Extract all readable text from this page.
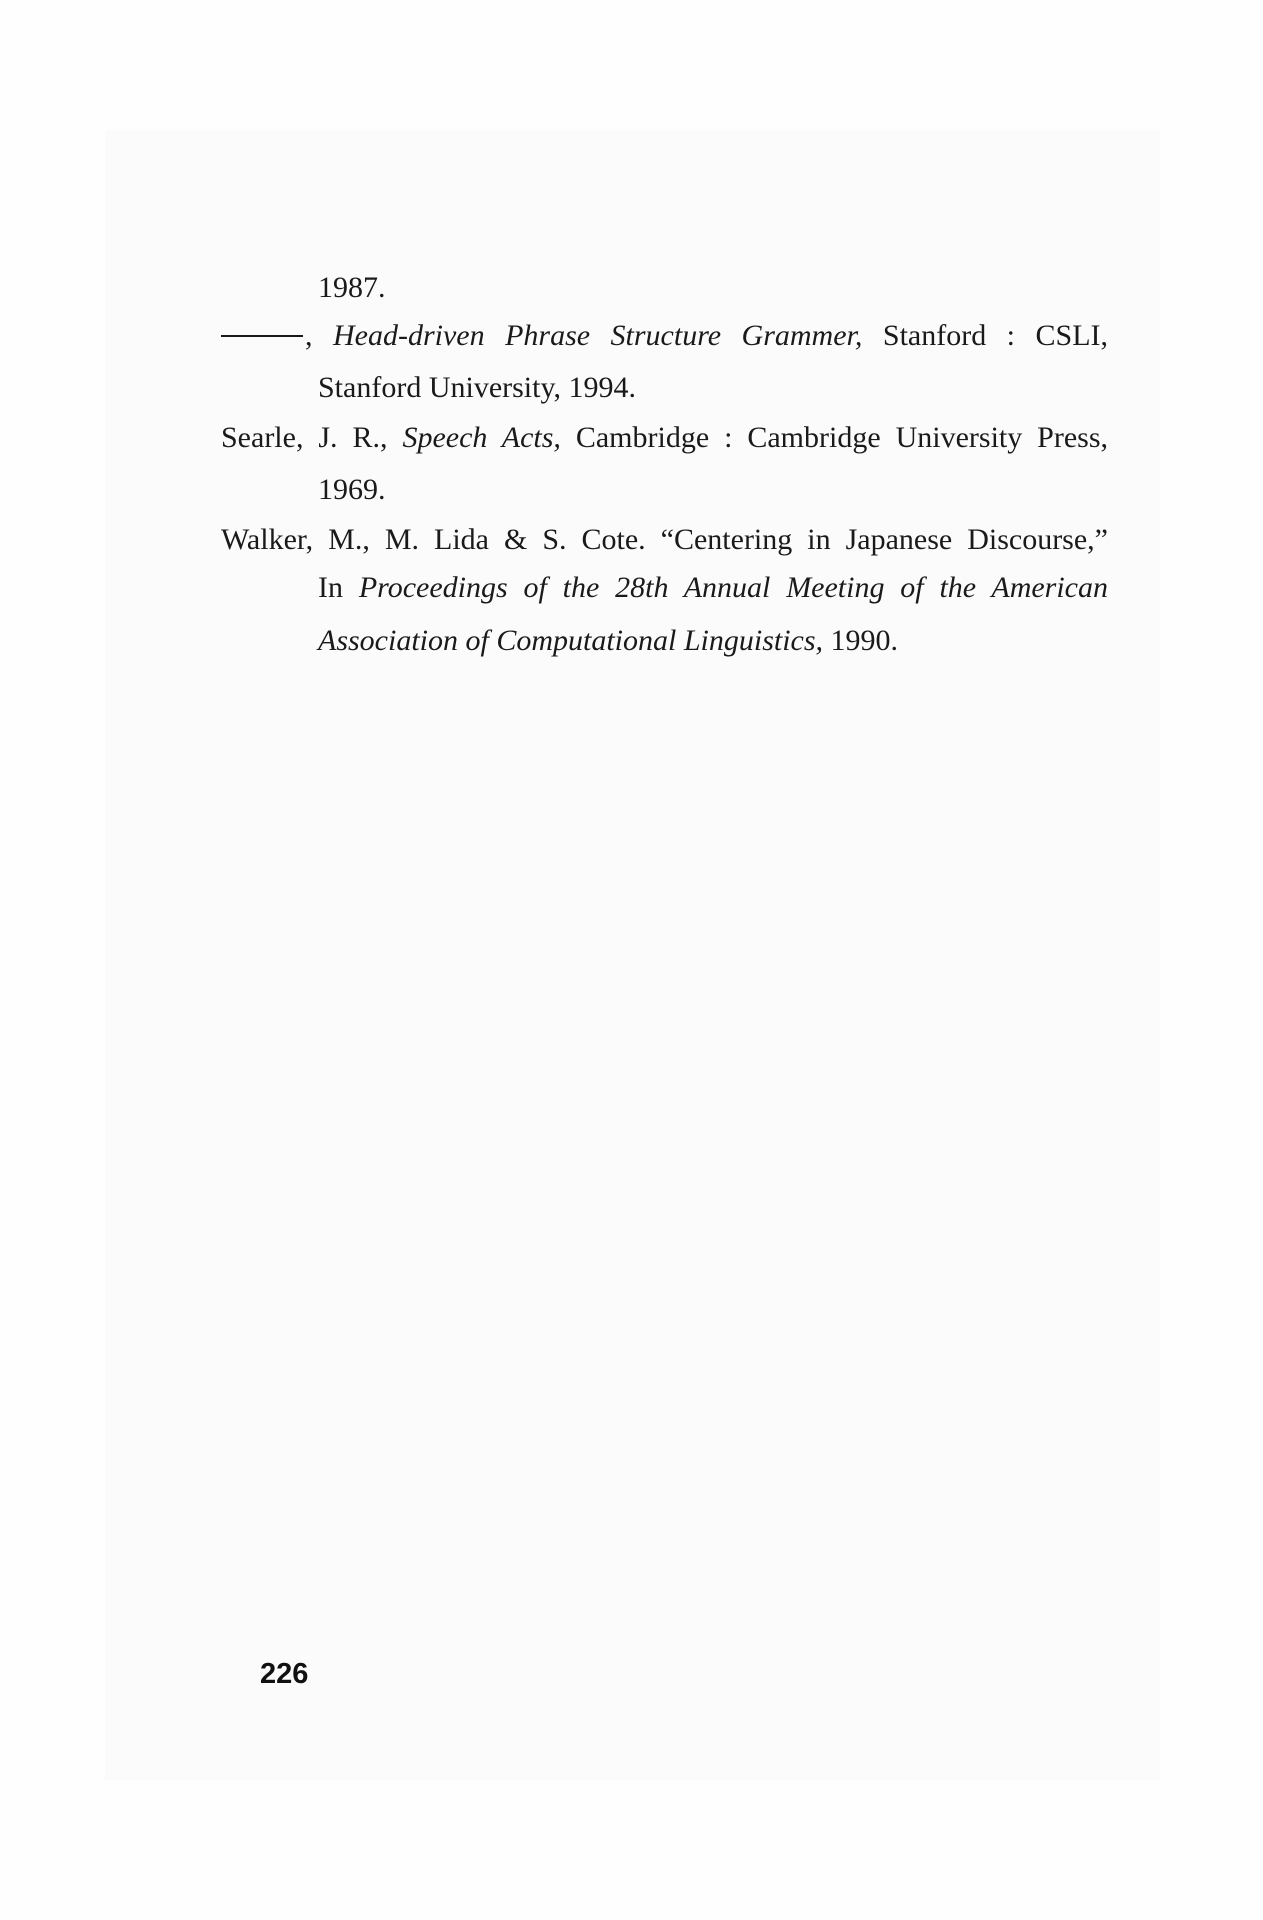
1987.
, Head-driven Phrase Structure Grammer, Stanford : CSLI,
Stanford University, 1994.
Searle, J. R., Speech Acts, Cambridge : Cambridge University Press,
1969.
Walker, M., M. Lida & S. Cote. “Centering in Japanese Discourse,”
In Proceedings of the 28th Annual Meeting of the American
Association of Computational Linguistics, 1990.
226
